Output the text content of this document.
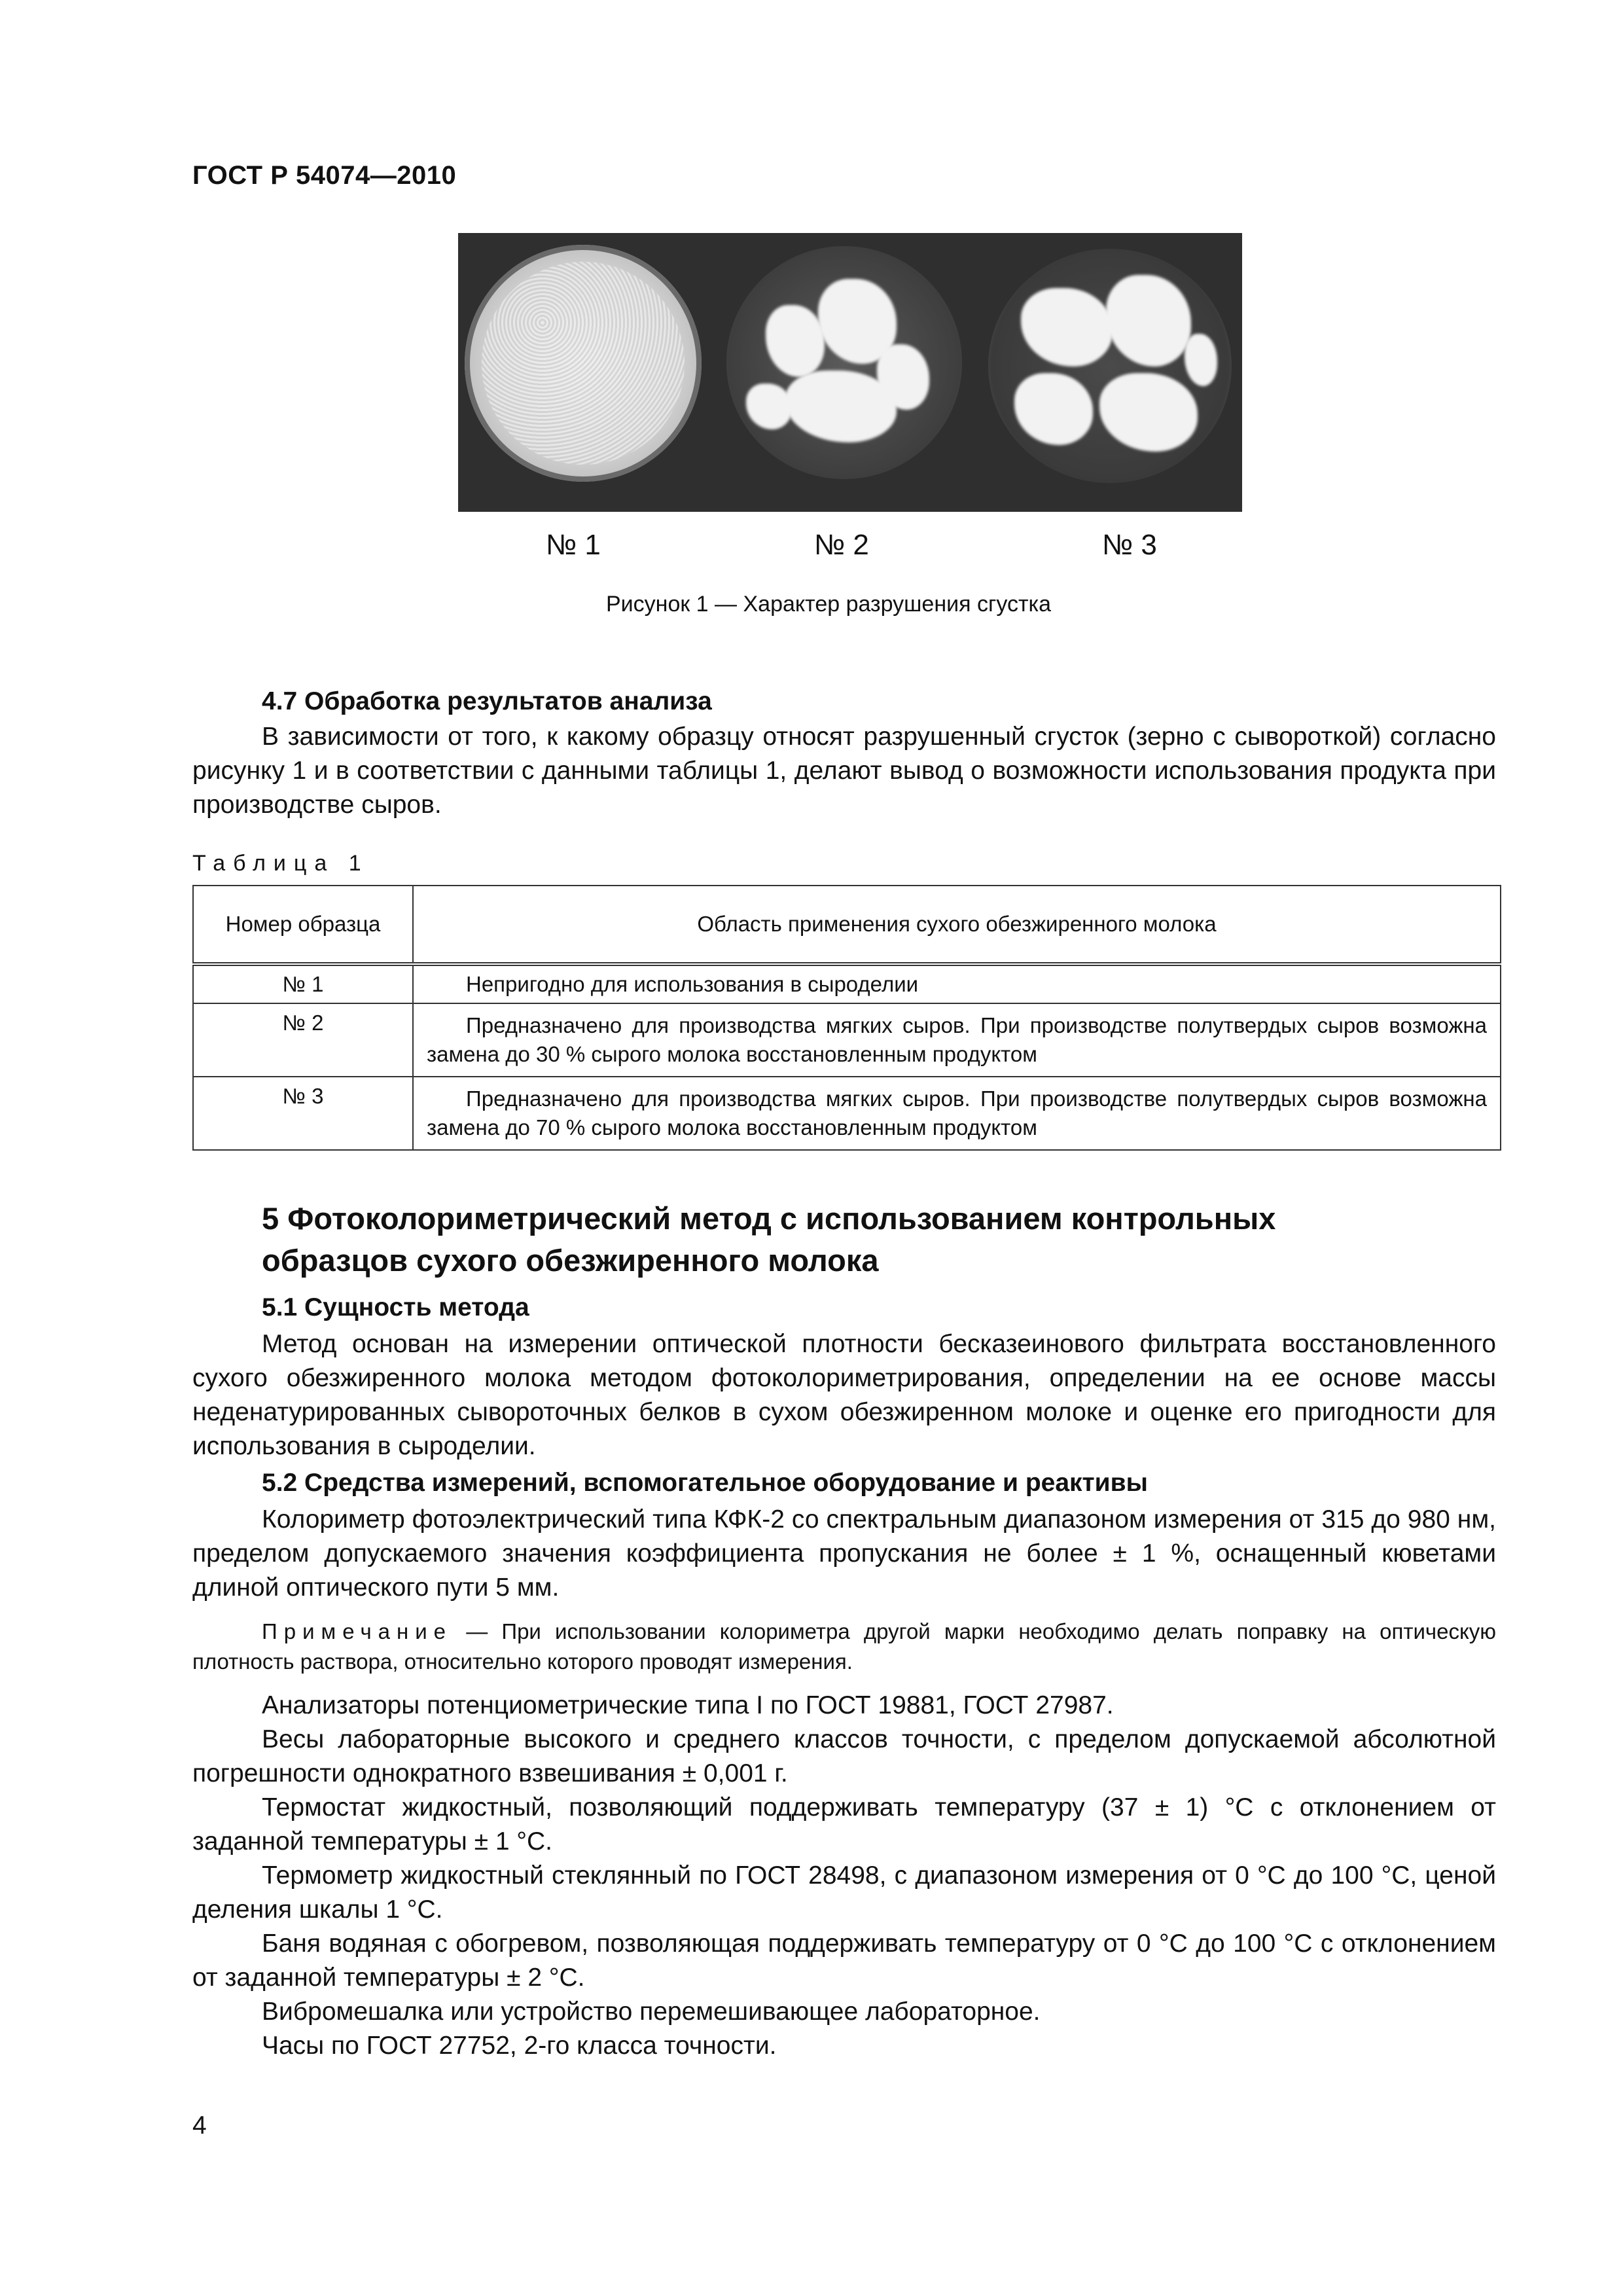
ГОСТ Р 54074—2010
№ 1	№ 2	№ 3
Рисунок 1 — Характер разрушения сгустка
4.7 Обработка результатов анализа
В зависимости от того, к какому образцу относят разрушенный сгусток (зерно с сывороткой) согласно рисунку 1 и в соответствии с данными таблицы 1, делают вывод о возможности использования продукта при производстве сыров.
Таблица 1
Номер образца	Область применения сухого обезжиренного молока
№ 1	Непригодно для использования в сыроделии
№ 2	Предназначено для производства мягких сыров. При производстве полутвердых сыров возможна замена до 30 % сырого молока восстановленным продуктом
№ 3	Предназначено для производства мягких сыров. При производстве полутвердых сыров возможна замена до 70 % сырого молока восстановленным продуктом
5 Фотоколориметрический метод с использованием контрольных
образцов сухого обезжиренного молока
5.1 Сущность метода
Метод основан на измерении оптической плотности бесказеинового фильтрата восстановленного сухого обезжиренного молока методом фотоколориметрирования, определении на ее основе массы неденатурированных сывороточных белков в сухом обезжиренном молоке и оценке его пригодности для использования в сыроделии.
5.2 Средства измерений, вспомогательное оборудование и реактивы
Колориметр фотоэлектрический типа КФК-2 со спектральным диапазоном измерения от 315 до 980 нм, пределом допускаемого значения коэффициента пропускания не более ± 1 %, оснащенный кюветами длиной оптического пути 5 мм.
Примечание — При использовании колориметра другой марки необходимо делать поправку на оптическую плотность раствора, относительно которого проводят измерения.
Анализаторы потенциометрические типа I по ГОСТ 19881, ГОСТ 27987.
Весы лабораторные высокого и среднего классов точности, с пределом допускаемой абсолютной погрешности однократного взвешивания ± 0,001 г.
Термостат жидкостный, позволяющий поддерживать температуру (37 ± 1) °С с отклонением от заданной температуры ± 1 °С.
Термометр жидкостный стеклянный по ГОСТ 28498, с диапазоном измерения от 0 °С до 100 °С, ценой деления шкалы 1 °С.
Баня водяная с обогревом, позволяющая поддерживать температуру от 0 °С до 100 °С с отклонением от заданной температуры ± 2 °С.
Вибромешалка или устройство перемешивающее лабораторное.
Часы по ГОСТ 27752, 2-го класса точности.
4
